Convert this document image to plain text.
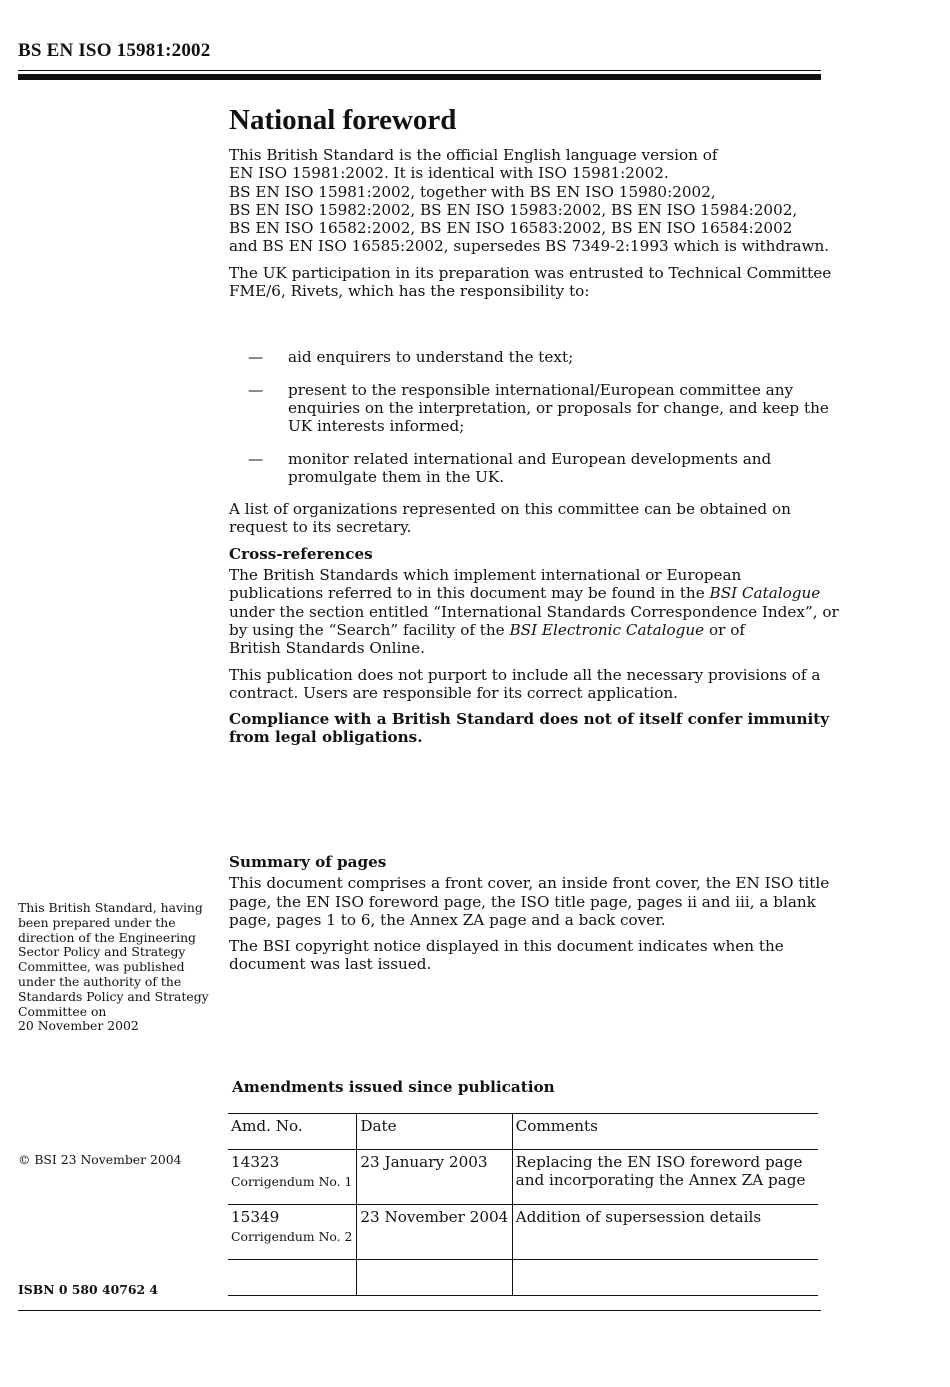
BS EN ISO 15981:2002
National foreword

This British Standard is the official English language version of
EN ISO 15981:2002. It is identical with ISO 15981:2002.
BS EN ISO 15981:2002, together with BS EN ISO 15980:2002,
BS EN ISO 15982:2002, BS EN ISO 15983:2002, BS EN ISO 15984:2002,
BS EN ISO 16582:2002, BS EN ISO 16583:2002, BS EN ISO 16584:2002
and BS EN ISO 16585:2002, supersedes BS 7349-2:1993 which is withdrawn.

The UK participation in its preparation was entrusted to Technical Committee
FME/6, Rivets, which has the responsibility to:

— aid enquirers to understand the text;
— present to the responsible international/European committee any
enquiries on the interpretation, or proposals for change, and keep the
UK interests informed;
— monitor related international and European developments and
promulgate them in the UK.

A list of organizations represented on this committee can be obtained on
request to its secretary.

Cross-references

The British Standards which implement international or European
publications referred to in this document may be found in the BSI Catalogue
under the section entitled “International Standards Correspondence Index”, or
by using the “Search” facility of the BSI Electronic Catalogue or of
British Standards Online.

This publication does not purport to include all the necessary provisions of a
contract. Users are responsible for its correct application.

Compliance with a British Standard does not of itself confer immunity
from legal obligations.

Summary of pages

This document comprises a front cover, an inside front cover, the EN ISO title
page, the EN ISO foreword page, the ISO title page, pages ii and iii, a blank
page, pages 1 to 6, the Annex ZA page and a back cover.

The BSI copyright notice displayed in this document indicates when the
document was last issued.

This British Standard, having
been prepared under the
direction of the Engineering
Sector Policy and Strategy
Committee, was published
under the authority of the
Standards Policy and Strategy
Committee on
20 November 2002
© BSI 23 November 2004
Amendments issued since publication
Amd. No.	Date	Comments
14323
Corrigendum No. 1	23 January 2003	Replacing the EN ISO foreword page
and incorporating the Annex ZA page

15349
Corrigendum No. 2	23 November 2004	Addition of supersession details

ISBN 0 580 40762 4
